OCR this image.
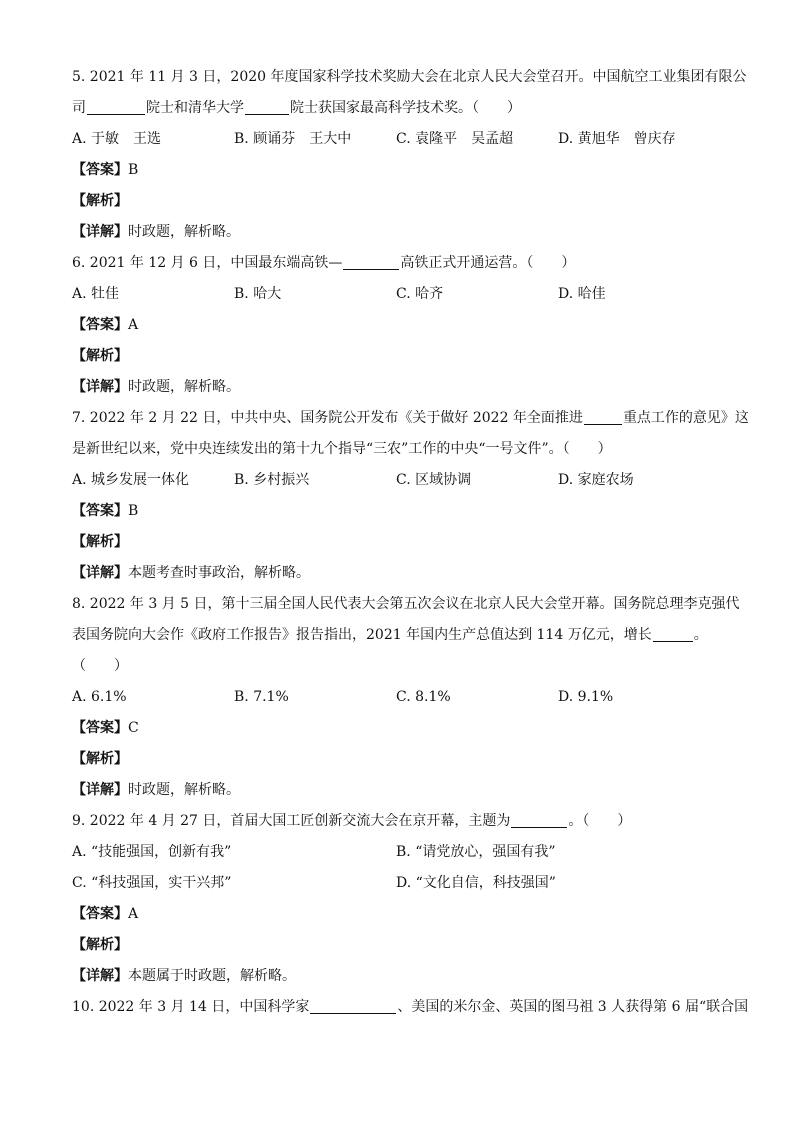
5. 2021 年 11 月 3 日，2020 年度国家科学技术奖励大会在北京人民大会堂召开。中国航空工业集团有限公
司	院士和清华大学	院士获国家最高科学技术奖。（　　）
A. 于敏　王选	B. 顾诵芬　王大中	C. 袁隆平　吴孟超	D. 黄旭华　曾庆存
【答案】B
【解析】
【详解】时政题，解析略。
6. 2021 年 12 月 6 日，中国最东端高铁—	高铁正式开通运营。（　　）
A. 牡佳	B. 哈大	C. 哈齐	D. 哈佳
【答案】A
【解析】
【详解】时政题，解析略。
7. 2022 年 2 月 22 日，中共中央、国务院公开发布《关于做好 2022 年全面推进	重点工作的意见》这
是新世纪以来，党中央连续发出的第十九个指导“三农”工作的中央“一号文件”。（　　）
A. 城乡发展一体化	B. 乡村振兴	C. 区域协调	D. 家庭农场
【答案】B
【解析】
【详解】本题考查时事政治，解析略。
8. 2022 年 3 月 5 日，第十三届全国人民代表大会第五次会议在北京人民大会堂开幕。国务院总理李克强代
表国务院向大会作《政府工作报告》报告指出，2021 年国内生产总值达到 114 万亿元，增长	。
（　　）
A. 6.1%	B. 7.1%	C. 8.1%	D. 9.1%
【答案】C
【解析】
【详解】时政题，解析略。
9. 2022 年 4 月 27 日，首届大国工匠创新交流大会在京开幕，主题为	。（　　）
A. “技能强国，创新有我”	B. “请党放心，强国有我”
C. “科技强国，实干兴邦”	D. “文化自信，科技强国”
【答案】A
【解析】
【详解】本题属于时政题，解析略。
10. 2022 年 3 月 14 日，中国科学家	、美国的米尔金、英国的图马祖 3 人获得第 6 届“联合国
